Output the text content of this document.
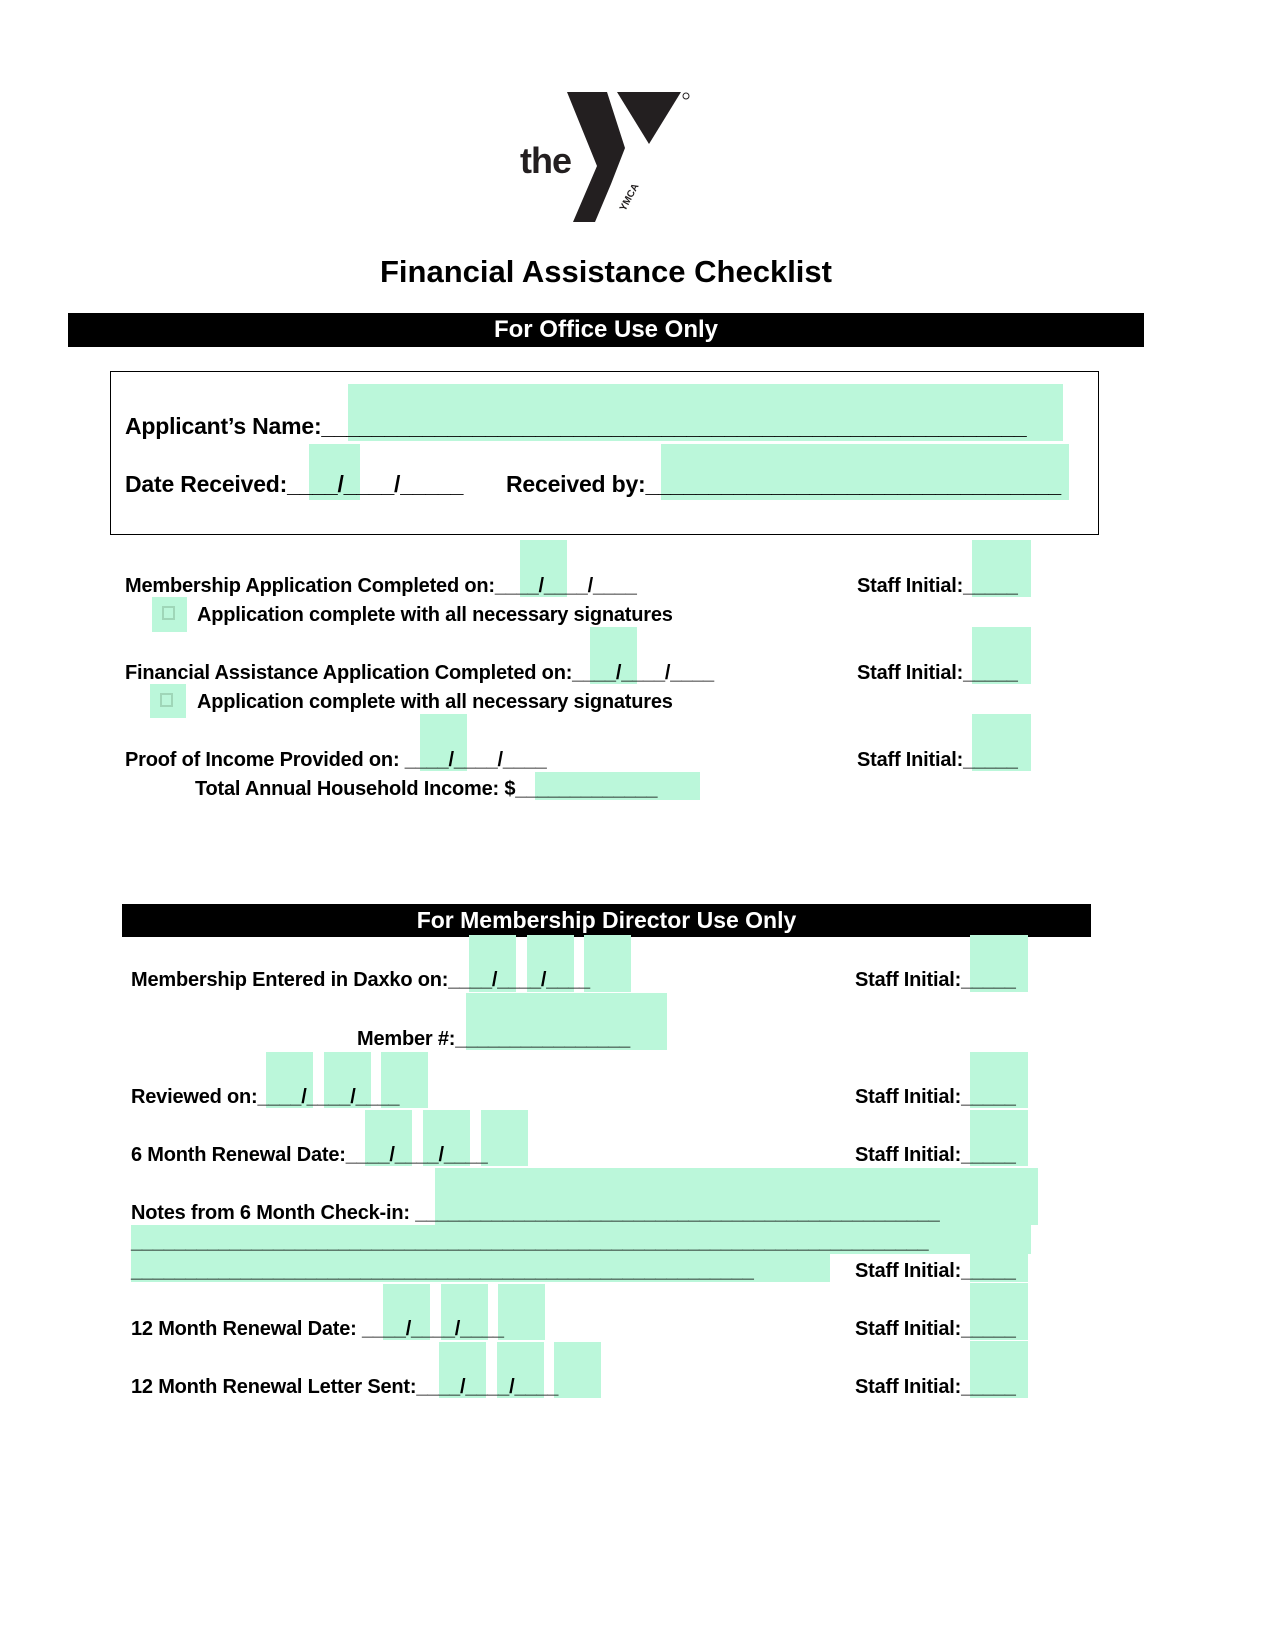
the
YMCA
Financial Assistance Checklist
For Office Use Only
Applicant’s Name:________________________________________________________
Date Received:____/____/_____ Received by:_________________________________
Membership Application Completed on:____/____/____	Staff Initial:_____
Application complete with all necessary signatures
Financial Assistance Application Completed on:____/____/____	Staff Initial:_____
Application complete with all necessary signatures
Proof of Income Provided on: ____/____/____	Staff Initial:_____
Total Annual Household Income: $_____________
For Membership Director Use Only
Membership Entered in Daxko on:____/____/____	Staff Initial:_____
Member #:________________
Reviewed on:____/____/____	Staff Initial:_____
6 Month Renewal Date:____/____/____	Staff Initial:_____
Notes from 6 Month Check-in: ________________________________________________
_________________________________________________________________________
_________________________________________________________	Staff Initial:_____
12 Month Renewal Date: ____/____/____	Staff Initial:_____
12 Month Renewal Letter Sent:____/____/____	Staff Initial:_____
